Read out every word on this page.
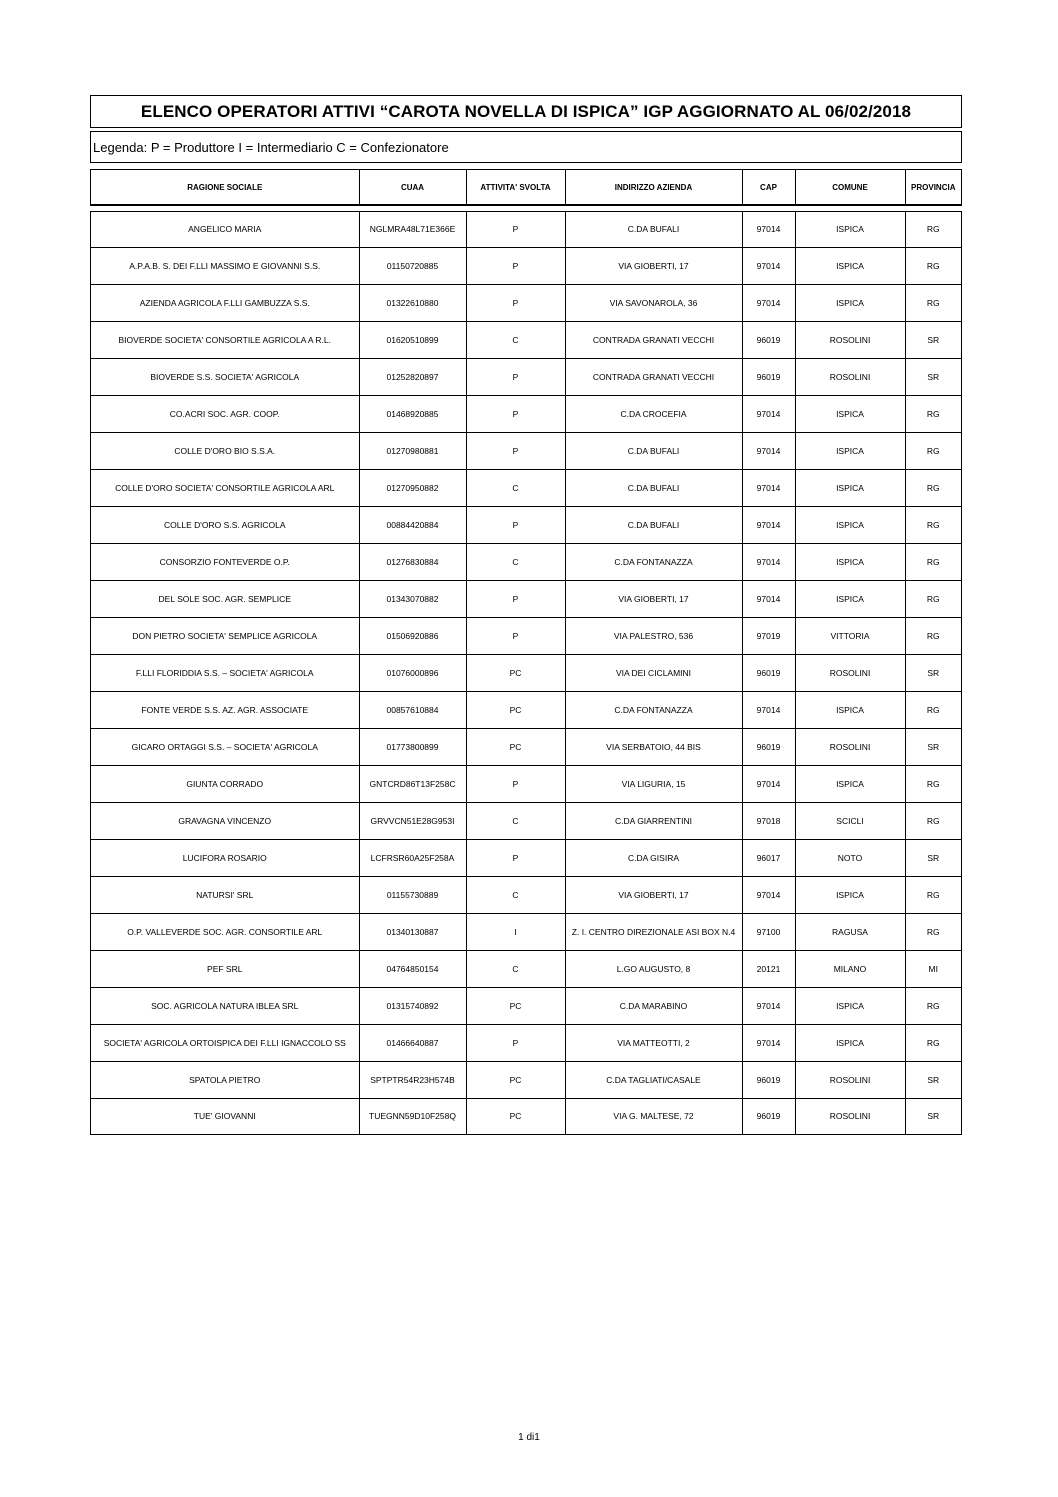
ELENCO OPERATORI ATTIVI “CAROTA NOVELLA DI ISPICA” IGP AGGIORNATO AL 06/02/2018
Legenda: P = Produttore I = Intermediario C = Confezionatore
RAGIONE SOCIALE	CUAA	ATTIVITA' SVOLTA	INDIRIZZO AZIENDA	CAP	COMUNE	PROVINCIA
ANGELICO MARIA	NGLMRA48L71E366E	P	C.DA BUFALI	97014	ISPICA	RG
A.P.A.B. S. DEI F.LLI MASSIMO E GIOVANNI S.S.	01150720885	P	VIA GIOBERTI, 17	97014	ISPICA	RG
AZIENDA AGRICOLA F.LLI GAMBUZZA S.S.	01322610880	P	VIA SAVONAROLA, 36	97014	ISPICA	RG
BIOVERDE SOCIETA' CONSORTILE AGRICOLA A R.L.	01620510899	C	CONTRADA GRANATI VECCHI	96019	ROSOLINI	SR
BIOVERDE S.S. SOCIETA' AGRICOLA	01252820897	P	CONTRADA GRANATI VECCHI	96019	ROSOLINI	SR
CO.ACRI SOC. AGR. COOP.	01468920885	P	C.DA CROCEFIA	97014	ISPICA	RG
COLLE D'ORO BIO S.S.A.	01270980881	P	C.DA BUFALI	97014	ISPICA	RG
COLLE D'ORO SOCIETA' CONSORTILE AGRICOLA ARL	01270950882	C	C.DA BUFALI	97014	ISPICA	RG
COLLE D'ORO S.S. AGRICOLA	00884420884	P	C.DA BUFALI	97014	ISPICA	RG
CONSORZIO FONTEVERDE O.P.	01276830884	C	C.DA FONTANAZZA	97014	ISPICA	RG
DEL SOLE SOC. AGR. SEMPLICE	01343070882	P	VIA GIOBERTI, 17	97014	ISPICA	RG
DON PIETRO SOCIETA' SEMPLICE AGRICOLA	01506920886	P	VIA PALESTRO, 536	97019	VITTORIA	RG
F.LLI FLORIDDIA S.S. – SOCIETA' AGRICOLA	01076000896	PC	VIA DEI CICLAMINI	96019	ROSOLINI	SR
FONTE VERDE S.S. AZ. AGR. ASSOCIATE	00857610884	PC	C.DA FONTANAZZA	97014	ISPICA	RG
GICARO ORTAGGI S.S. – SOCIETA' AGRICOLA	01773800899	PC	VIA SERBATOIO, 44 BIS	96019	ROSOLINI	SR
GIUNTA CORRADO	GNTCRD86T13F258C	P	VIA LIGURIA, 15	97014	ISPICA	RG
GRAVAGNA VINCENZO	GRVVCN51E28G953I	C	C.DA GIARRENTINI	97018	SCICLI	RG
LUCIFORA ROSARIO	LCFRSR60A25F258A	P	C.DA GISIRA	96017	NOTO	SR
NATURSI' SRL	01155730889	C	VIA GIOBERTI, 17	97014	ISPICA	RG
O.P. VALLEVERDE SOC. AGR. CONSORTILE ARL	01340130887	I	Z. I. CENTRO DIREZIONALE ASI BOX N.4	97100	RAGUSA	RG
PEF SRL	04764850154	C	L.GO AUGUSTO, 8	20121	MILANO	MI
SOC. AGRICOLA NATURA IBLEA SRL	01315740892	PC	C.DA MARABINO	97014	ISPICA	RG
SOCIETA' AGRICOLA ORTOISPICA DEI F.LLI IGNACCOLO SS	01466640887	P	VIA MATTEOTTI, 2	97014	ISPICA	RG
SPATOLA PIETRO	SPTPTR54R23H574B	PC	C.DA TAGLIATI/CASALE	96019	ROSOLINI	SR
TUE' GIOVANNI	TUEGNN59D10F258Q	PC	VIA G. MALTESE, 72	96019	ROSOLINI	SR
1 di1
